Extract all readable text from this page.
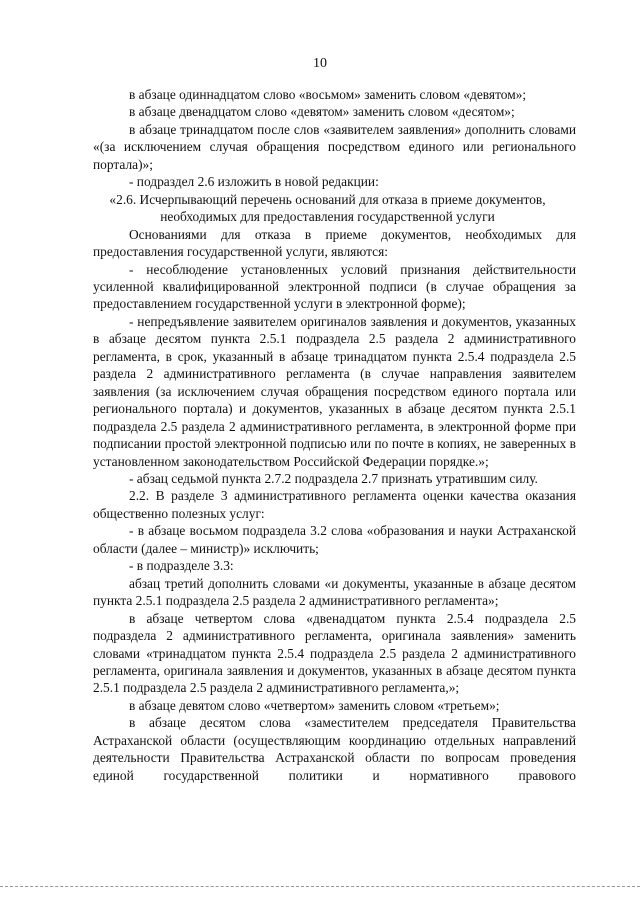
10

в абзаце одиннадцатом слово «восьмом» заменить словом «девятом»;

в абзаце двенадцатом слово «девятом» заменить словом «десятом»;

в абзаце тринадцатом после слов «заявителем заявления» дополнить словами «(за исключением случая обращения посредством единого или регионального портала)»;

- подраздел 2.6 изложить в новой редакции:

«2.6. Исчерпывающий перечень оснований для отказа в приеме документов, необходимых для предоставления государственной услуги

Основаниями для отказа в приеме документов, необходимых для предоставления государственной услуги, являются:

- несоблюдение установленных условий признания действительности усиленной квалифицированной электронной подписи (в случае обращения за предоставлением государственной услуги в электронной форме);

- непредъявление заявителем оригиналов заявления и документов, указанных в абзаце десятом пункта 2.5.1 подраздела 2.5 раздела 2 административного регламента, в срок, указанный в абзаце тринадцатом пункта 2.5.4 подраздела 2.5 раздела 2 административного регламента (в случае направления заявителем заявления (за исключением случая обращения посредством единого портала или регионального портала) и документов, указанных в абзаце десятом пункта 2.5.1 подраздела 2.5 раздела 2 административного регламента, в электронной форме при подписании простой электронной подписью или по почте в копиях, не заверенных в установленном законодательством Российской Федерации порядке.»;

- абзац седьмой пункта 2.7.2 подраздела 2.7 признать утратившим силу.

2.2. В разделе 3 административного регламента оценки качества оказания общественно полезных услуг:

- в абзаце восьмом подраздела 3.2 слова «образования и науки Астраханской области (далее – министр)» исключить;

- в подразделе 3.3:

абзац третий дополнить словами «и документы, указанные в абзаце десятом пункта 2.5.1 подраздела 2.5 раздела 2 административного регламента»;

в абзаце четвертом слова «двенадцатом пункта 2.5.4 подраздела 2.5 подраздела 2 административного регламента, оригинала заявления» заменить словами «тринадцатом пункта 2.5.4 подраздела 2.5 раздела 2 административного регламента, оригинала заявления и документов, указанных в абзаце десятом пункта 2.5.1 подраздела 2.5 раздела 2 административного регламента,»;

в абзаце девятом слово «четвертом» заменить словом «третьем»;

в абзаце десятом слова «заместителем председателя Правительства Астраханской области (осуществляющим координацию отдельных направлений деятельности Правительства Астраханской области по вопросам проведения единой государственной политики и нормативного правового
